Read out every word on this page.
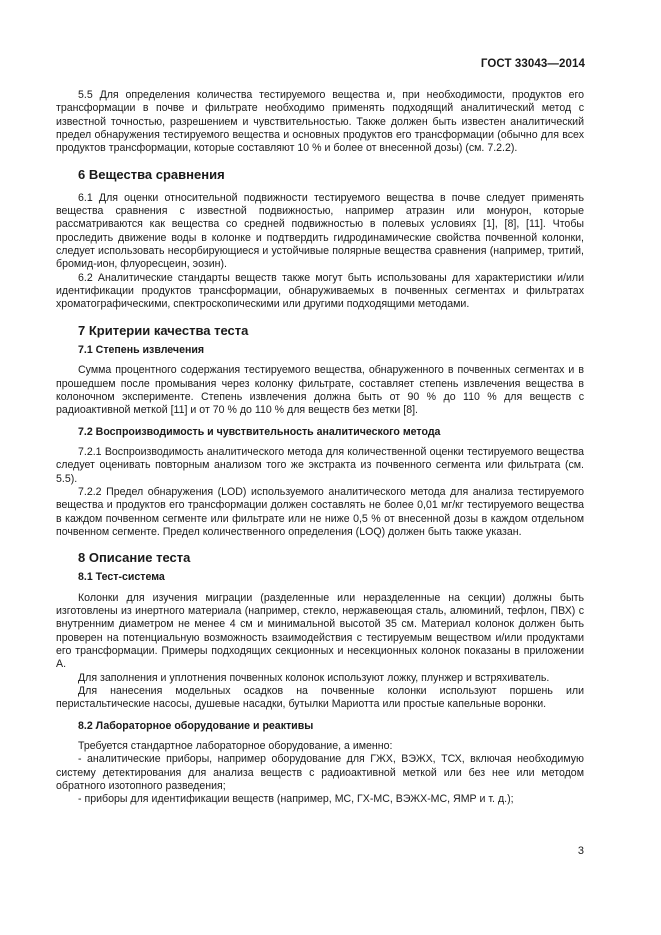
ГОСТ 33043—2014

5.5 Для определения количества тестируемого вещества и, при необходимости, продуктов его трансформации в почве и фильтрате необходимо применять подходящий аналитический метод с известной точностью, разрешением и чувствительностью. Также должен быть известен аналитический предел обнаружения тестируемого вещества и основных продуктов его трансформации (обычно для всех продуктов трансформации, которые составляют 10 % и более от внесенной дозы) (см. 7.2.2).

6 Вещества сравнения

6.1 Для оценки относительной подвижности тестируемого вещества в почве следует применять вещества сравнения с известной подвижностью, например атразин или монурон, которые рассматриваются как вещества со средней подвижностью в полевых условиях [1], [8], [11]. Чтобы проследить движение воды в колонке и подтвердить гидродинамические свойства почвенной колонки, следует использовать несорбирующиеся и устойчивые полярные вещества сравнения (например, тритий, бромид-ион, флуоресцеин, эозин).

6.2 Аналитические стандарты веществ также могут быть использованы для характеристики и/или идентификации продуктов трансформации, обнаруживаемых в почвенных сегментах и фильтратах хроматографическими, спектроскопическими или другими подходящими методами.

7 Критерии качества теста
7.1 Степень извлечения

Сумма процентного содержания тестируемого вещества, обнаруженного в почвенных сегментах и в прошедшем после промывания через колонку фильтрате, составляет степень извлечения вещества в колоночном эксперименте. Степень извлечения должна быть от 90 % до 110 % для веществ с радиоактивной меткой [11] и от 70 % до 110 % для веществ без метки [8].

7.2 Воспроизводимость и чувствительность аналитического метода

7.2.1 Воспроизводимость аналитического метода для количественной оценки тестируемого вещества следует оценивать повторным анализом того же экстракта из почвенного сегмента или фильтрата (см. 5.5).

7.2.2 Предел обнаружения (LOD) используемого аналитического метода для анализа тестируемого вещества и продуктов его трансформации должен составлять не более 0,01 мг/кг тестируемого вещества в каждом почвенном сегменте или фильтрате или не ниже 0,5 % от внесенной дозы в каждом отдельном почвенном сегменте. Предел количественного определения (LOQ) должен быть также указан.

8 Описание теста
8.1 Тест-система

Колонки для изучения миграции (разделенные или неразделенные на секции) должны быть изготовлены из инертного материала (например, стекло, нержавеющая сталь, алюминий, тефлон, ПВХ) с внутренним диаметром не менее 4 см и минимальной высотой 35 см. Материал колонок должен быть проверен на потенциальную возможность взаимодействия с тестируемым веществом и/или продуктами его трансформации. Примеры подходящих секционных и несекционных колонок показаны в приложении А.

Для заполнения и уплотнения почвенных колонок используют ложку, плунжер и встряхиватель.

Для нанесения модельных осадков на почвенные колонки используют поршень или перистальтические насосы, душевые насадки, бутылки Мариотта или простые капельные воронки.

8.2 Лабораторное оборудование и реактивы

Требуется стандартное лабораторное оборудование, а именно:

- аналитические приборы, например оборудование для ГЖХ, ВЭЖХ, ТСХ, включая необходимую систему детектирования для анализа веществ с радиоактивной меткой или без нее или методом обратного изотопного разведения;

- приборы для идентификации веществ (например, МС, ГХ-МС, ВЭЖХ-МС, ЯМР и т. д.);

3
